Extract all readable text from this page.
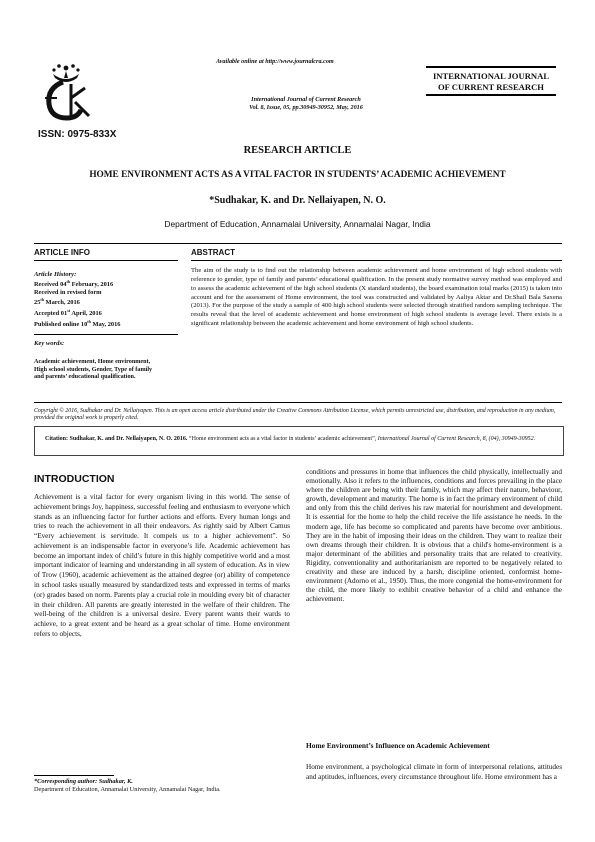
Available online at http://www.journalcra.com
ISSN: 0975-833X
International Journal of Current Research
Vol. 8, Issue, 05, pp.30949-30952, May, 2016
INTERNATIONAL JOURNAL
OF CURRENT RESEARCH
RESEARCH ARTICLE
HOME ENVIRONMENT ACTS AS A VITAL FACTOR IN STUDENTS’ ACADEMIC ACHIEVEMENT
*Sudhakar, K. and Dr. Nellaiyapen, N. O.
Department of Education, Annamalai University, Annamalai Nagar, India
ARTICLE INFO	ABSTRACT
Article History:
Received 04th February, 2016
Received in revised form
25th March, 2016
Accepted 01st April, 2016
Published online 10th May, 2016
Key words:
Academic achievement, Home environment, High school students, Gender, Type of family and parents’ educational qualification.
The aim of the study is to find out the relationship between academic achievement and home environment of high school students with reference to gender, type of family and parents’ educational qualification. In the present study normative survey method was employed and to assess the academic achievement of the high school students (X standard students), the board examination total marks (2015) is taken into account and for the assessment of Home environment, the tool was constructed and validated by Aaliya Aktar and Dr.Shail Bala Saxena (2013). For the purpose of the study a sample of 400 high school students were selected through stratified random sampling technique. The results reveal that the level of academic achievement and home environment of high school students is average level. There exists is a significant relationship between the academic achievement and home environment of high school students.
Copyright © 2016, Sudhakar and Dr. Nellaiyapen. This is an open access article distributed under the Creative Commons Attribution License, which permits unrestricted use, distribution, and reproduction in any medium, provided the original work is properly cited.
Citation: Sudhakar, K. and Dr. Nellaiyapen, N. O. 2016. “Home environment acts as a vital factor in students’ academic achievement”, International Journal of Current Research, 8, (04), 30949-30952.
INTRODUCTION
Achievement is a vital factor for every organism living in this world. The sense of achievement brings Joy, happiness, successful feeling and enthusiasm to everyone which stands as an influencing factor for further actions and efforts. Every human longs and tries to reach the achievement in all their endeavors. As rightly said by Albert Camus “Every achievement is servitude. It compels us to a higher achievement”. So achievement is an indispensable factor in everyone’s life. Academic achievement has become an important index of child’s future in this highly competitive world and a most important indicator of learning and understanding in all system of education. As in view of Trow (1960), academic achievement as the attained degree (or) ability of competence in school tasks usually measured by standardized tests and expressed in terms of marks (or) grades based on norm. Parents play a crucial role in moulding every bit of character in their children. All parents are greatly interested in the welfare of their children. The well-being of the children is a universal desire. Every parent wants their wards to achieve, to a great extent and be heard as a great scholar of time. Home environment refers to objects,
conditions and pressures in home that influences the child physically, intellectually and emotionally. Also it refers to the influences, conditions and forces prevailing in the place where the children are being with their family, which may affect their nature, behaviour, growth, development and maturity. The home is in fact the primary environment of child and only from this the child derives his raw material for nourishment and development. It is essential for the home to help the child receive the life assistance he needs. In the modern age, life has become so complicated and parents have become over ambitious. They are in the habit of imposing their ideas on the children. They want to realize their own dreams through their children. It is obvious that a child's home-environment is a major determinant of the abilities and personality traits that are related to creativity. Rigidity, conventionality and authoritarianism are reported to be negatively related to creativity and these are induced by a harsh, discipline oriented, conformist home-environment (Adorno et al., 1950). Thus, the more congenial the home-environment for the child, the more likely to exhibit creative behavior of a child and enhance the achievement.
Home Environment’s Influence on Academic Achievement
Home environment, a psychological climate in form of interpersonal relations, attitudes and aptitudes, influences, every circumstance throughout life. Home environment has a
*Corresponding author: Sudhakar, K.
Department of Education, Annamalai University, Annamalai Nagar, India.
